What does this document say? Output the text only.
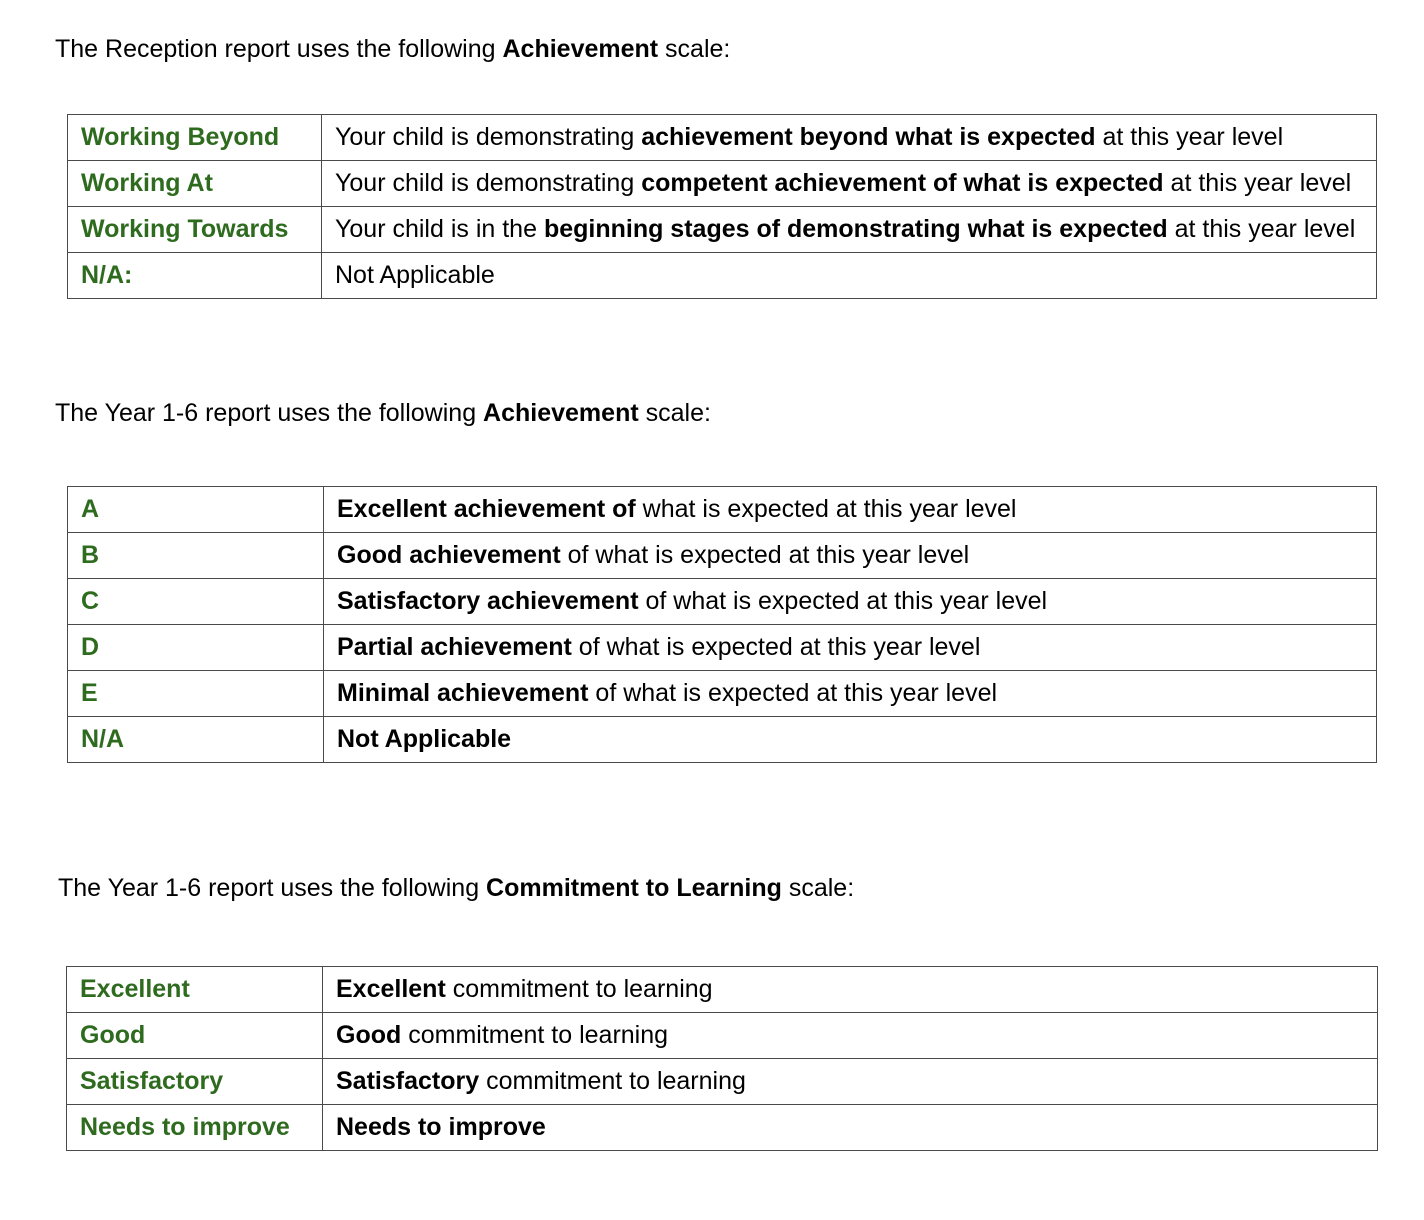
The Reception report uses the following Achievement scale:

Working Beyond	Your child is demonstrating achievement beyond what is expected at this year level
Working At	Your child is demonstrating competent achievement of what is expected at this year level
Working Towards	Your child is in the beginning stages of demonstrating what is expected at this year level
N/A:	Not Applicable

The Year 1-6 report uses the following Achievement scale:

A	Excellent achievement of what is expected at this year level
B	Good achievement of what is expected at this year level
C	Satisfactory achievement of what is expected at this year level
D	Partial achievement of what is expected at this year level
E	Minimal achievement of what is expected at this year level
N/A	Not Applicable

The Year 1-6 report uses the following Commitment to Learning scale:

Excellent	Excellent commitment to learning
Good	Good commitment to learning
Satisfactory	Satisfactory commitment to learning
Needs to improve	Needs to improve
